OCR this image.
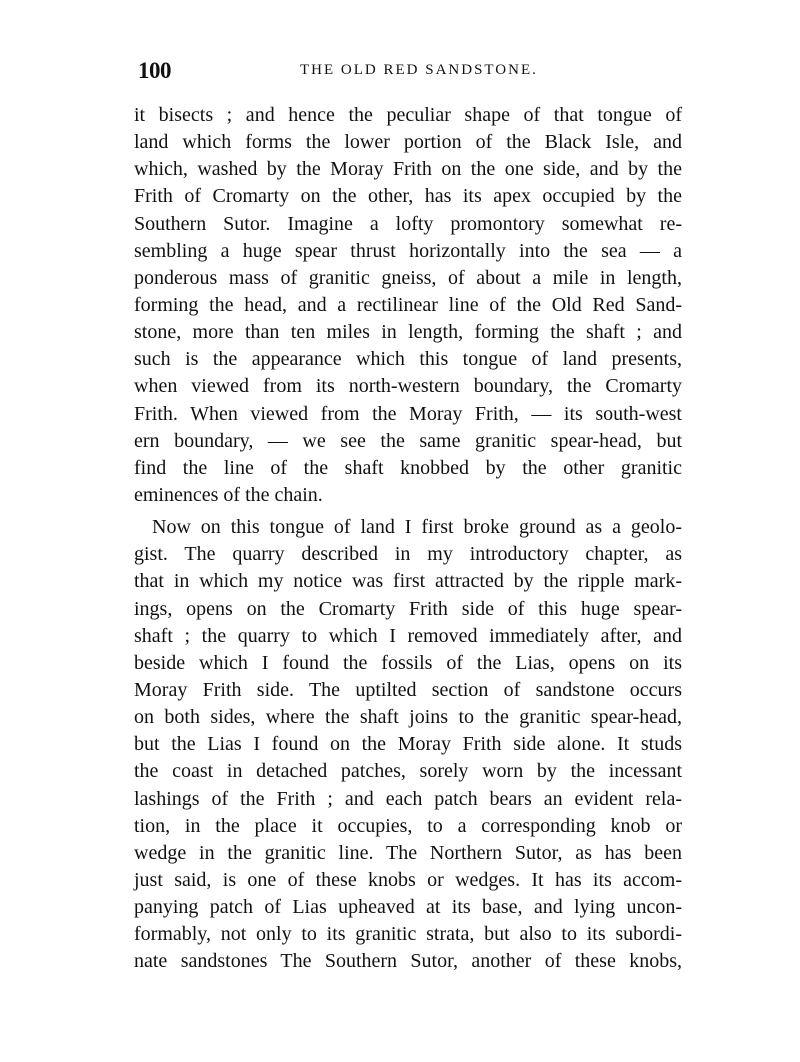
100	THE OLD RED SANDSTONE.
it bisects ; and hence the peculiar shape of that tongue of
land which forms the lower portion of the Black Isle, and
which, washed by the Moray Frith on the one side, and by the
Frith of Cromarty on the other, has its apex occupied by the
Southern Sutor. Imagine a lofty promontory somewhat re-
sembling a huge spear thrust horizontally into the sea — a
ponderous mass of granitic gneiss, of about a mile in length,
forming the head, and a rectilinear line of the Old Red Sand-
stone, more than ten miles in length, forming the shaft ; and
such is the appearance which this tongue of land presents,
when viewed from its north-western boundary, the Cromarty
Frith. When viewed from the Moray Frith, — its south-west
ern boundary, — we see the same granitic spear-head, but
find the line of the shaft knobbed by the other granitic
eminences of the chain.
Now on this tongue of land I first broke ground as a geolo-
gist. The quarry described in my introductory chapter, as
that in which my notice was first attracted by the ripple mark-
ings, opens on the Cromarty Frith side of this huge spear-
shaft ; the quarry to which I removed immediately after, and
beside which I found the fossils of the Lias, opens on its
Moray Frith side. The uptilted section of sandstone occurs
on both sides, where the shaft joins to the granitic spear-head,
but the Lias I found on the Moray Frith side alone. It studs
the coast in detached patches, sorely worn by the incessant
lashings of the Frith ; and each patch bears an evident rela-
tion, in the place it occupies, to a corresponding knob or
wedge in the granitic line. The Northern Sutor, as has been
just said, is one of these knobs or wedges. It has its accom-
panying patch of Lias upheaved at its base, and lying uncon-
formably, not only to its granitic strata, but also to its subordi-
nate sandstones The Southern Sutor, another of these knobs,
